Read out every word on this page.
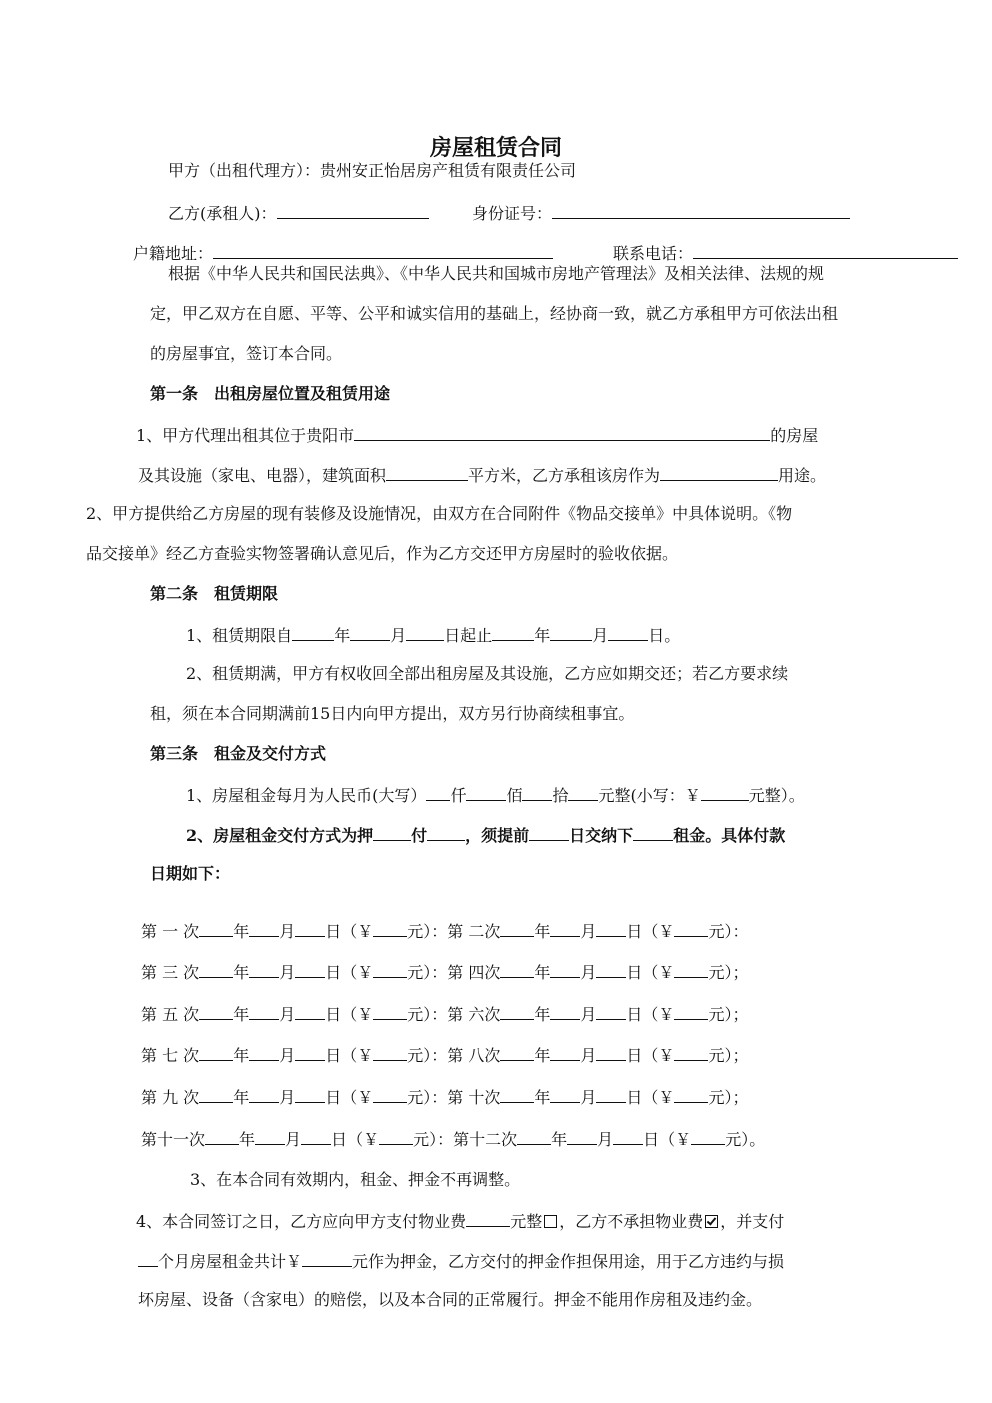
房屋租赁合同
甲方（出租代理方）：贵州安正怡居房产租赁有限责任公司
乙方(承租人)：	身份证号：
户籍地址：	联系电话：
根据《中华人民共和国民法典》、《中华人民共和国城市房地产管理法》及相关法律、法规的规
定，甲乙双方在自愿、平等、公平和诚实信用的基础上，经协商一致，就乙方承租甲方可依法出租
的房屋事宜，签订本合同。
第一条　出租房屋位置及租赁用途
1、甲方代理出租其位于贵阳市	的房屋
及其设施（家电、电器），建筑面积	平方米，乙方承租该房作为	用途。
2、甲方提供给乙方房屋的现有装修及设施情况，由双方在合同附件《物品交接单》中具体说明。《物
品交接单》经乙方查验实物签署确认意见后，作为乙方交还甲方房屋时的验收依据。
第二条　租赁期限
1、租赁期限自	年	月 日起止	年	月	日。
2、租赁期满，甲方有权收回全部出租房屋及其设施，乙方应如期交还；若乙方要求续
租，须在本合同期满前15日内向甲方提出，双方另行协商续租事宜。
第三条　租金及交付方式
1、房屋租金每月为人民币(大写） 仟	佰 拾 元整(小写：￥	元整）。
2、房屋租金交付方式为押 付 ，须提前	日交纳下	租金。具体付款
日期如下：
第 一 次 年 月 日（￥ 元）：第 二次 年 月 日（￥ 元）：
第 三 次 年 月 日（￥ 元）：第 四次 年 月 日（￥ 元）；
第 五 次 年 月 日（￥ 元）：第 六次 年 月 日（￥ 元）；
第 七 次 年 月 日（￥ 元）：第 八次 年 月 日（￥ 元）；
第 九 次 年 月 日（￥ 元）：第 十次 年 月 日（￥ 元）；
第十一次 年 月 日（￥ 元）：第十二次 年 月 日（￥ 元）。
3、在本合同有效期内，租金、押金不再调整。
4、本合同签订之日，乙方应向甲方支付物业费	元整 ，乙方不承担物业费 ，并支付
个月房屋租金共计￥	元作为押金，乙方交付的押金作担保用途，用于乙方违约与损
坏房屋、设备（含家电）的赔偿，以及本合同的正常履行。押金不能用作房租及违约金。
